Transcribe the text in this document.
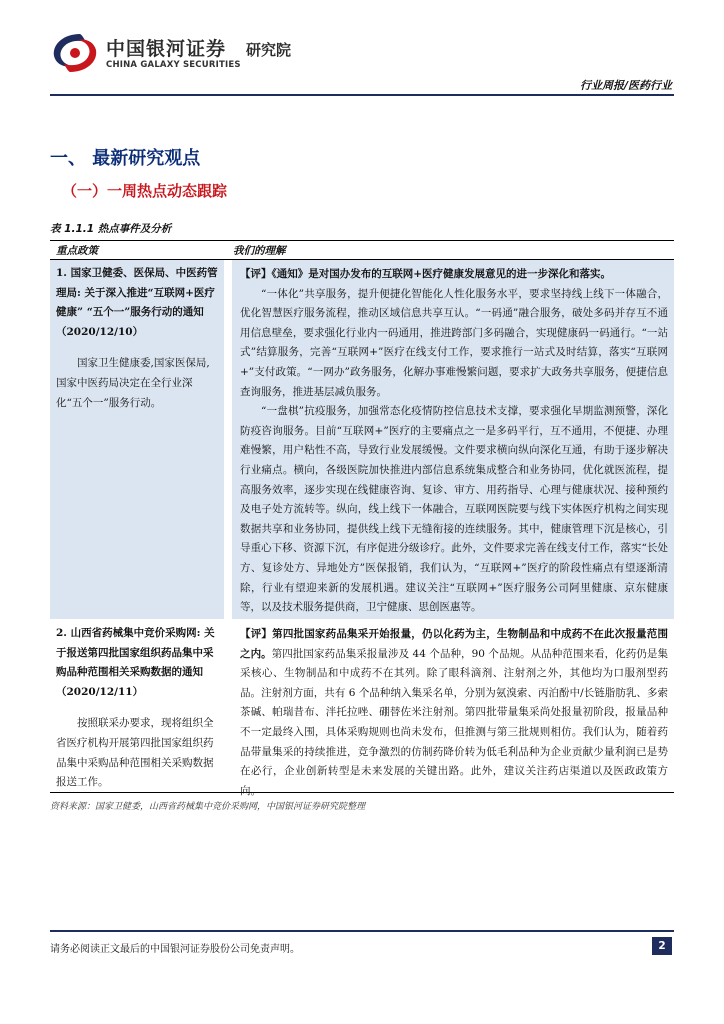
中国银河证券 研究院
CHINA GALAXY SECURITIES
行业周报/医药行业
一、 最新研究观点
（一）一周热点动态跟踪
表 1.1.1 热点事件及分析
重点政策	我们的理解
1. 国家卫健委、医保局、中医药管理局: 关于深入推进“互联网+医疗健康” “五个一”服务行动的通知（2020/12/10）
国家卫生健康委,国家医保局,国家中医药局决定在全行业深化“五个一”服务行动。
【评】《通知》是对国办发布的互联网+医疗健康发展意见的进一步深化和落实。
“一体化”共享服务，提升便捷化智能化人性化服务水平，要求坚持线上线下一体融合，优化智慧医疗服务流程，推动区域信息共享互认。“一码通”融合服务，破处多码并存互不通用信息壁垒，要求强化行业内一码通用，推进跨部门多码融合，实现健康码一码通行。“一站式”结算服务，完善“互联网+”医疗在线支付工作，要求推行一站式及时结算，落实“互联网+”支付政策。“一网办”政务服务，化解办事难慢繁问题，要求扩大政务共享服务，便捷信息查询服务，推进基层减负服务。
“一盘棋”抗疫服务，加强常态化疫情防控信息技术支撑，要求强化早期监测预警，深化防疫咨询服务。目前“互联网+”医疗的主要痛点之一是多码平行，互不通用，不便捷、办理难慢繁，用户粘性不高，导致行业发展缓慢。文件要求横向纵向深化互通，有助于逐步解决行业痛点。横向，各级医院加快推进内部信息系统集成整合和业务协同，优化就医流程，提高服务效率，逐步实现在线健康咨询、复诊、审方、用药指导、心理与健康状况、接种预约及电子处方流转等。纵向，线上线下一体融合，互联网医院要与线下实体医疗机构之间实现数据共享和业务协同，提供线上线下无缝衔接的连续服务。其中，健康管理下沉是核心，引导重心下移、资源下沉，有序促进分级诊疗。此外，文件要求完善在线支付工作，落实“长处方、复诊处方、异地处方”医保报销，我们认为，“互联网+”医疗的阶段性痛点有望逐渐清除，行业有望迎来新的发展机遇。建议关注“互联网+”医疗服务公司阿里健康、京东健康等，以及技术服务提供商，卫宁健康、思创医惠等。
2. 山西省药械集中竞价采购网: 关于报送第四批国家组织药品集中采购品种范围相关采购数据的通知（2020/12/11）
按照联采办要求，现将组织全省医疗机构开展第四批国家组织药品集中采购品种范围相关采购数据报送工作。
【评】第四批国家药品集采开始报量，仍以化药为主，生物制品和中成药不在此次报量范围之内。第四批国家药品集采报量涉及 44 个品种，90 个品规。从品种范围来看，化药仍是集采核心、生物制品和中成药不在其列。除了眼科滴剂、注射剂之外，其他均为口服剂型药品。注射剂方面，共有 6 个品种纳入集采名单，分别为氨溴索、丙泊酚中/长链脂肪乳、多索茶碱、帕瑞昔布、泮托拉唑、硼替佐米注射剂。第四批带量集采尚处报量初阶段，报量品种不一定最终入围，具体采购规则也尚未发布，但推测与第三批规则相仿。我们认为，随着药品带量集采的持续推进，竞争激烈的仿制药降价转为低毛利品种为企业贡献少量利润已是势在必行，企业创新转型是未来发展的关键出路。此外，建议关注药店渠道以及医政政策方向。
资料来源：国家卫健委，山西省药械集中竞价采购网，中国银河证券研究院整理
请务必阅读正文最后的中国银河证券股份公司免责声明。	2
